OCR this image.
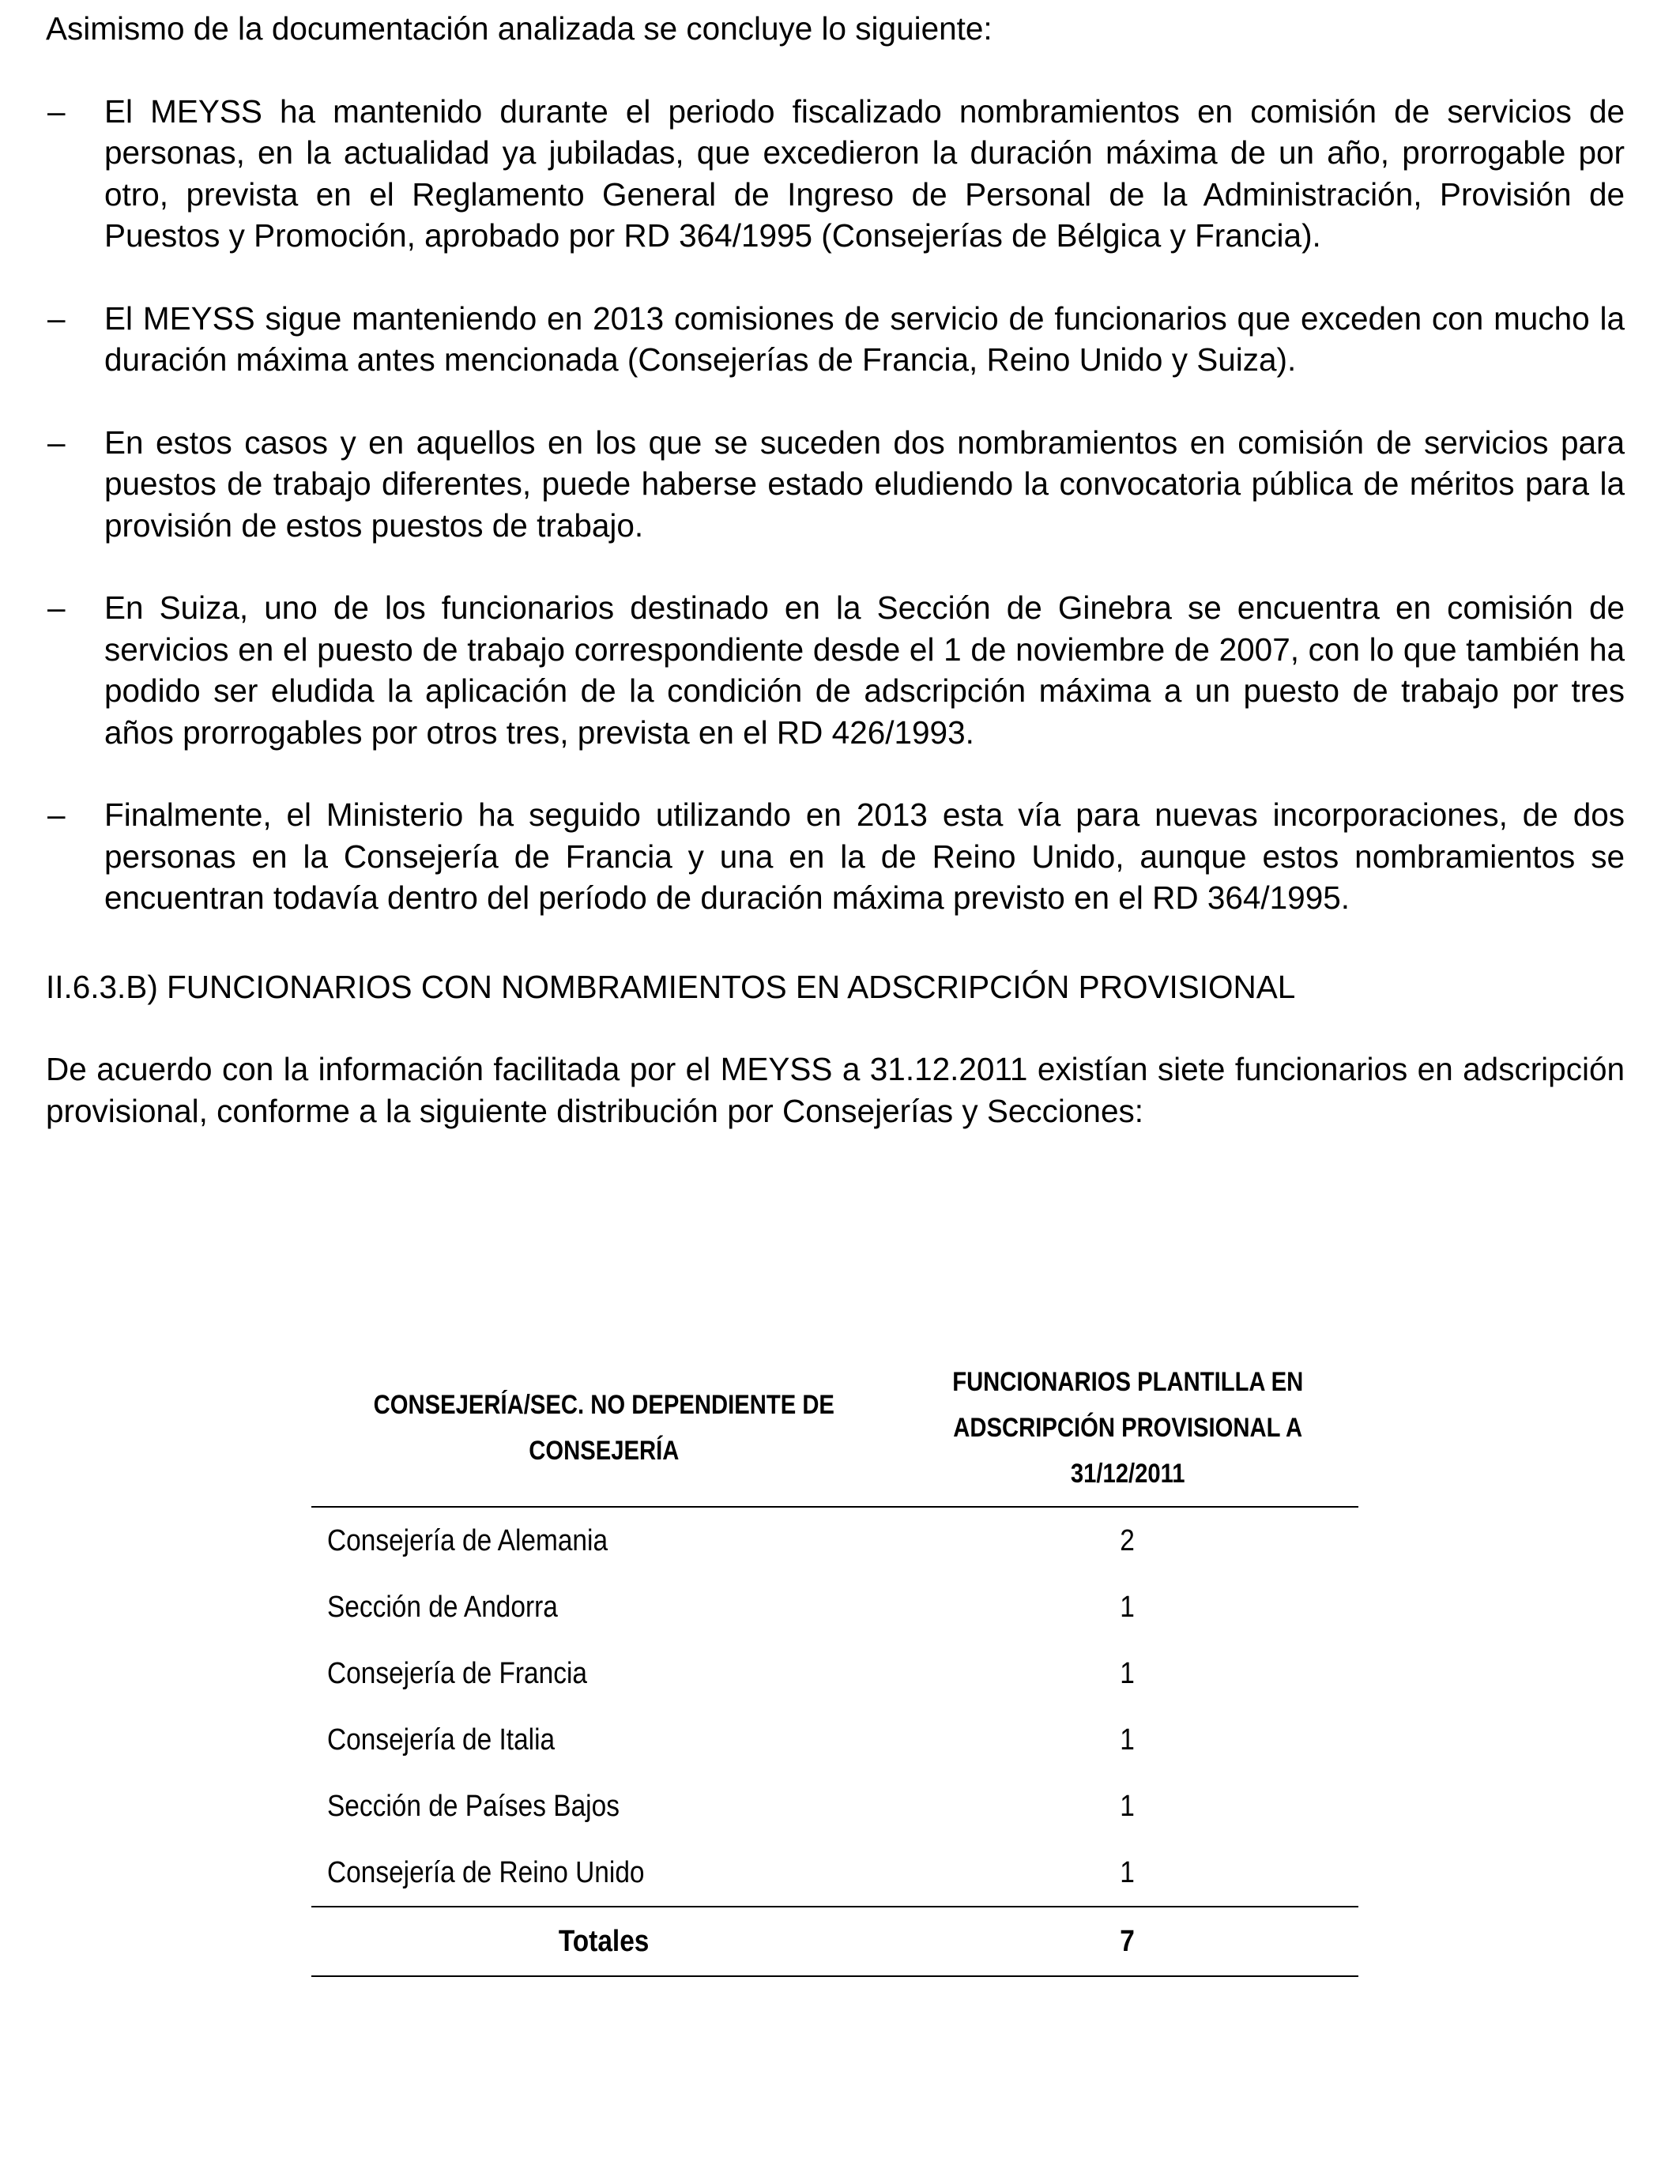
Asimismo de la documentación analizada se concluye lo siguiente:

–	El MEYSS ha mantenido durante el periodo fiscalizado nombramientos en comisión de servicios de personas, en la actualidad ya jubiladas, que excedieron la duración máxima de un año, prorrogable por otro, prevista en el Reglamento General de Ingreso de Personal de la Administración, Provisión de Puestos y Promoción, aprobado por RD 364/1995 (Consejerías de Bélgica y Francia).
–	El MEYSS sigue manteniendo en 2013 comisiones de servicio de funcionarios que exceden con mucho la duración máxima antes mencionada (Consejerías de Francia, Reino Unido y Suiza).
–	En estos casos y en aquellos en los que se suceden dos nombramientos en comisión de servicios para puestos de trabajo diferentes, puede haberse estado eludiendo la convocatoria pública de méritos para la provisión de estos puestos de trabajo.
–	En Suiza, uno de los funcionarios destinado en la Sección de Ginebra se encuentra en comisión de servicios en el puesto de trabajo correspondiente desde el 1 de noviembre de 2007, con lo que también ha podido ser eludida la aplicación de la condición de adscripción máxima a un puesto de trabajo por tres años prorrogables por otros tres, prevista en el RD 426/1993.
–	Finalmente, el Ministerio ha seguido utilizando en 2013 esta vía para nuevas incorporaciones, de dos personas en la Consejería de Francia y una en la de Reino Unido, aunque estos nombramientos se encuentran todavía dentro del período de duración máxima previsto en el RD 364/1995.

II.6.3.B) FUNCIONARIOS CON NOMBRAMIENTOS EN ADSCRIPCIÓN PROVISIONAL

De acuerdo con la información facilitada por el MEYSS a 31.12.2011 existían siete funcionarios en adscripción provisional, conforme a la siguiente distribución por Consejerías y Secciones:

CONSEJERÍA/SEC. NO DEPENDIENTE DE
CONSEJERÍA	FUNCIONARIOS PLANTILLA EN
ADSCRIPCIÓN PROVISIONAL A
31/12/2011
Consejería de Alemania	2
Sección de Andorra	1
Consejería de Francia	1
Consejería de Italia	1
Sección de Países Bajos	1
Consejería de Reino Unido	1
Totales	7
